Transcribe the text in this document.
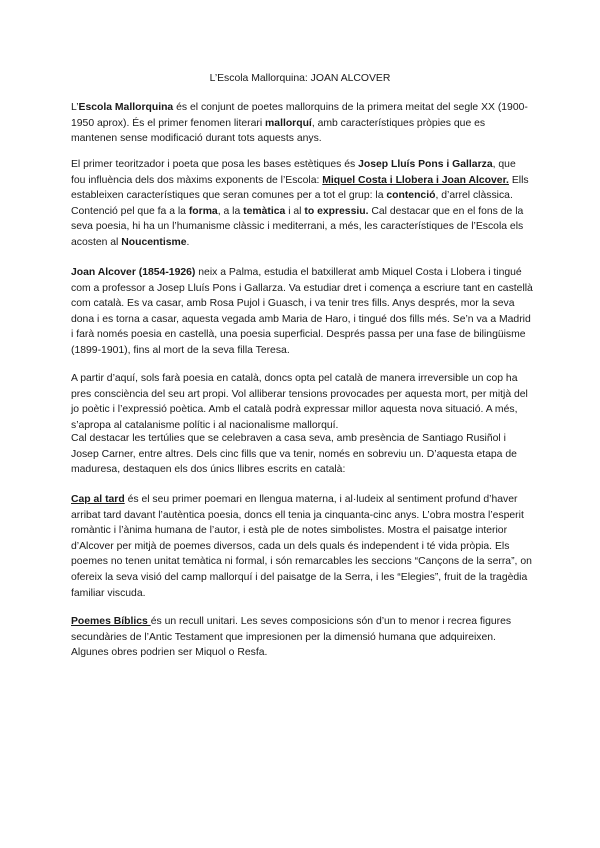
L’Escola Mallorquina: JOAN ALCOVER

L’Escola Mallorquina és el conjunt de poetes mallorquins de la primera meitat del segle XX (1900-1950 aprox). És el primer fenomen literari mallorquí, amb característiques pròpies que es mantenen sense modificació durant tots aquests anys.

El primer teoritzador i poeta que posa les bases estètiques és Josep Lluís Pons i Gallarza, que fou influència dels dos màxims exponents de l’Escola: Miquel Costa i Llobera i Joan Alcover. Ells estableixen característiques que seran comunes per a tot el grup: la contenció, d’arrel clàssica. Contenció pel que fa a la forma, a la temàtica i al to expressiu. Cal destacar que en el fons de la seva poesia, hi ha un l’humanisme clàssic i mediterrani, a més, les característiques de l’Escola els acosten al Noucentisme.

Joan Alcover (1854-1926) neix a Palma, estudia el batxillerat amb Miquel Costa i Llobera i tingué com a professor a Josep Lluís Pons i Gallarza. Va estudiar dret i comença a escriure tant en castellà com català. Es va casar, amb Rosa Pujol i Guasch, i va tenir tres fills. Anys després, mor la seva dona i es torna a casar, aquesta vegada amb Maria de Haro, i tingué dos fills més. Se’n va a Madrid i farà només poesia en castellà, una poesia superficial. Després passa per una fase de bilingüisme (1899-1901), fins al mort de la seva filla Teresa.

A partir d’aquí, sols farà poesia en català, doncs opta pel català de manera irreversible un cop ha pres consciència del seu art propi. Vol alliberar tensions provocades per aquesta mort, per mitjà del jo poètic i l’expressió poètica. Amb el català podrà expressar millor aquesta nova situació. A més, s’apropa al catalanisme polític i al nacionalisme mallorquí.

Cal destacar les tertúlies que se celebraven a casa seva, amb presència de Santiago Rusiñol i Josep Carner, entre altres. Dels cinc fills que va tenir, només en sobreviu un. D’aquesta etapa de maduresa, destaquen els dos únics llibres escrits en català:

Cap al tard és el seu primer poemari en llengua materna, i al·ludeix al sentiment profund d’haver arribat tard davant l’autèntica poesia, doncs ell tenia ja cinquanta-cinc anys. L’obra mostra l’esperit romàntic i l’ànima humana de l’autor, i està ple de notes simbolistes. Mostra el paisatge interior d’Alcover per mitjà de poemes diversos, cada un dels quals és independent i té vida pròpia. Els poemes no tenen unitat temàtica ni formal, i són remarcables les seccions “Cançons de la serra”, on ofereix la seva visió del camp mallorquí i del paisatge de la Serra, i les “Elegies”, fruit de la tragèdia familiar viscuda.

Poemes Bíblics és un recull unitari. Les seves composicions són d’un to menor i recrea figures secundàries de l’Antic Testament que impresionen per la dimensió humana que adquireixen. Algunes obres podrien ser Miquol o Resfa.
